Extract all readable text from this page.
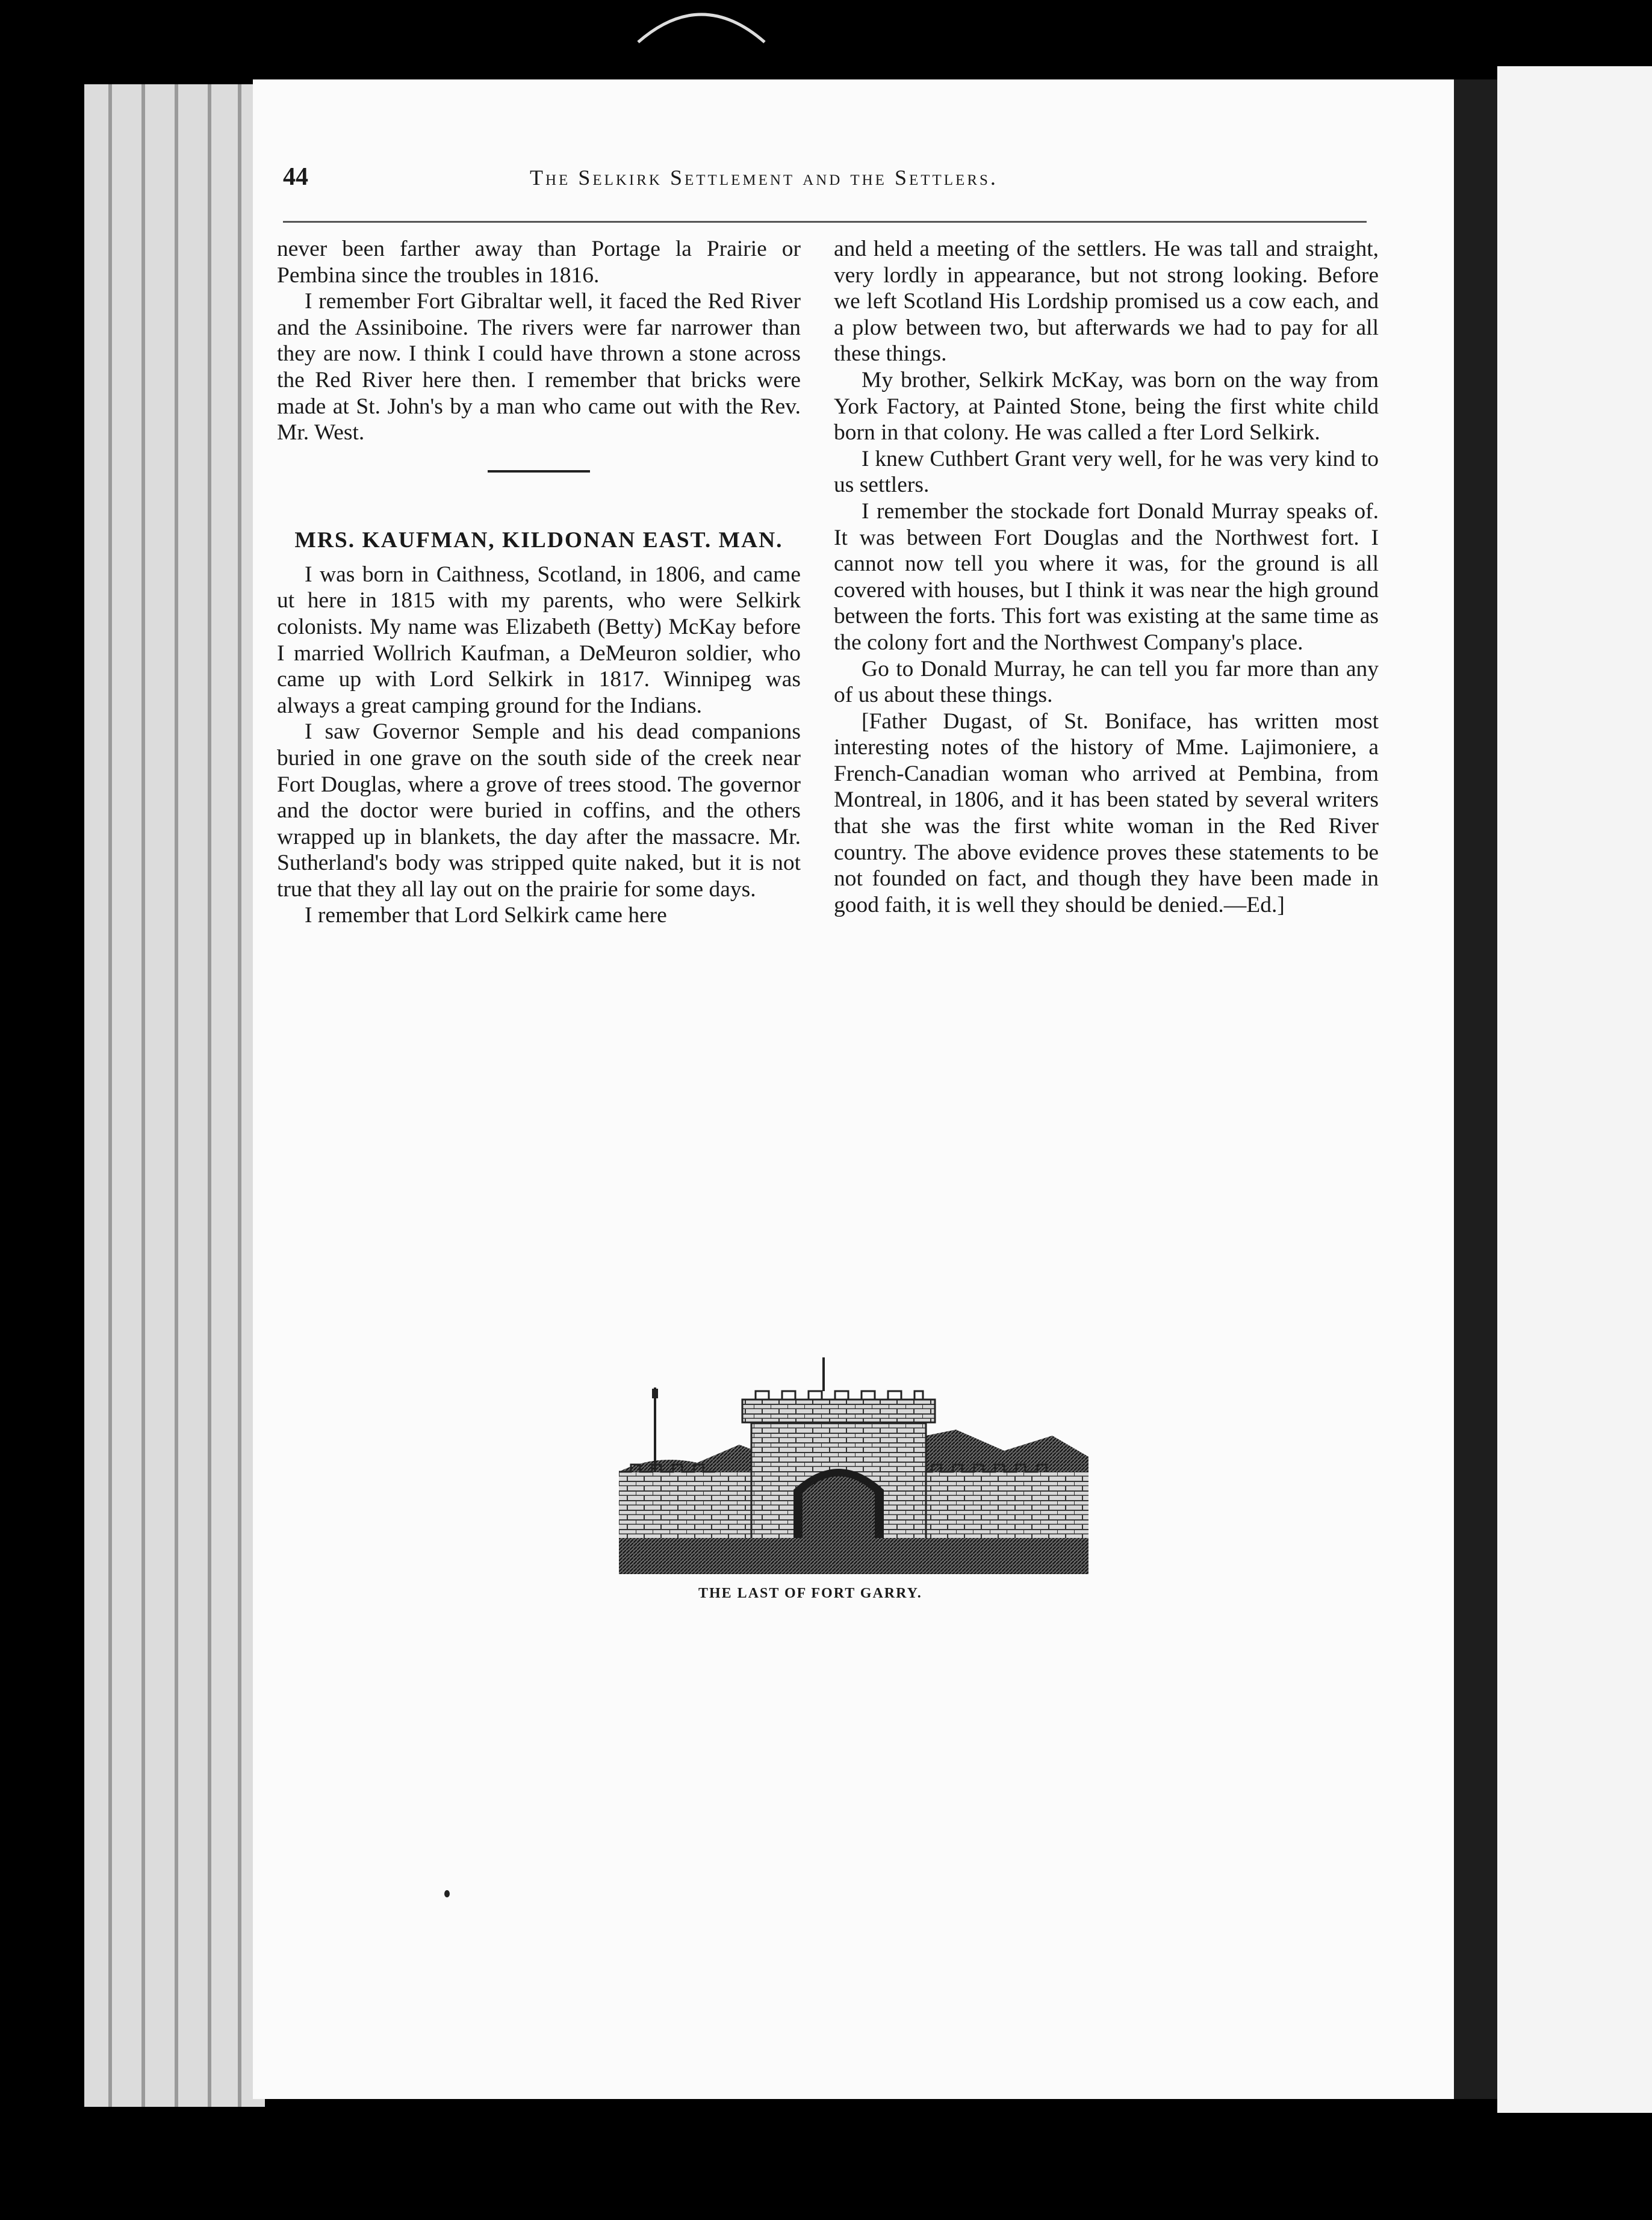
44	The Selkirk Settlement and the Settlers.

never been farther away than Portage la Prairie or Pembina since the troubles in 1816.

I remember Fort Gibraltar well, it faced the Red River and the Assiniboine. The rivers were far narrower than they are now. I think I could have thrown a stone across the Red River here then. I remember that bricks were made at St. John's by a man who came out with the Rev. Mr. West.

MRS. KAUFMAN, KILDONAN EAST. MAN.

I was born in Caithness, Scotland, in 1806, and came ut here in 1815 with my parents, who were Selkirk colonists. My name was Elizabeth (Betty) McKay before I married Wollrich Kaufman, a DeMeuron soldier, who came up with Lord Selkirk in 1817. Winnipeg was always a great camping ground for the Indians.

I saw Governor Semple and his dead companions buried in one grave on the south side of the creek near Fort Douglas, where a grove of trees stood. The governor and the doctor were buried in coffins, and the others wrapped up in blankets, the day after the massacre. Mr. Sutherland's body was stripped quite naked, but it is not true that they all lay out on the prairie for some days.

I remember that Lord Selkirk came here

and held a meeting of the settlers. He was tall and straight, very lordly in appearance, but not strong looking. Before we left Scotland His Lordship promised us a cow each, and a plow between two, but afterwards we had to pay for all these things.

My brother, Selkirk McKay, was born on the way from York Factory, at Painted Stone, being the first white child born in that colony. He was called a fter Lord Selkirk.

I knew Cuthbert Grant very well, for he was very kind to us settlers.

I remember the stockade fort Donald Murray speaks of. It was between Fort Douglas and the Northwest fort. I cannot now tell you where it was, for the ground is all covered with houses, but I think it was near the high ground between the forts. This fort was existing at the same time as the colony fort and the Northwest Company's place.

Go to Donald Murray, he can tell you far more than any of us about these things.

[Father Dugast, of St. Boniface, has written most interesting notes of the history of Mme. Lajimoniere, a French-Canadian woman who arrived at Pembina, from Montreal, in 1806, and it has been stated by several writers that she was the first white woman in the Red River country. The above evidence proves these statements to be not founded on fact, and though they have been made in good faith, it is well they should be denied.—Ed.]

THE LAST OF FORT GARRY.
